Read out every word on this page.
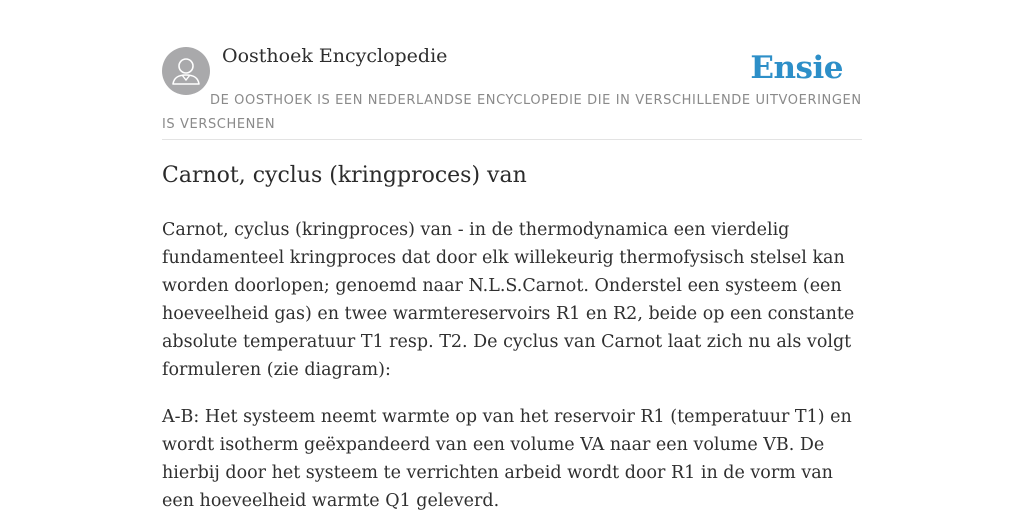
Oosthoek Encyclopedie	Ensie
DE OOSTHOEK IS EEN NEDERLANDSE ENCYCLOPEDIE DIE IN VERSCHILLENDE UITVOERINGEN IS VERSCHENEN
Carnot, cyclus (kringproces) van

Carnot, cyclus (kringproces) van - in de thermodynamica een vierdelig fundamenteel kringproces dat door elk willekeurig thermofysisch stelsel kan worden doorlopen; genoemd naar N.L.S.Carnot. Onderstel een systeem (een hoeveelheid gas) en twee warmtereservoirs R1 en R2, beide op een constante absolute temperatuur T1 resp. T2. De cyclus van Carnot laat zich nu als volgt formuleren (zie diagram):

A-B: Het systeem neemt warmte op van het reservoir R1 (temperatuur T1) en wordt isotherm geëxpandeerd van een volume VA naar een volume VB. De hierbij door het systeem te verrichten arbeid wordt door R1 in de vorm van een hoeveelheid warmte Q1 geleverd.
